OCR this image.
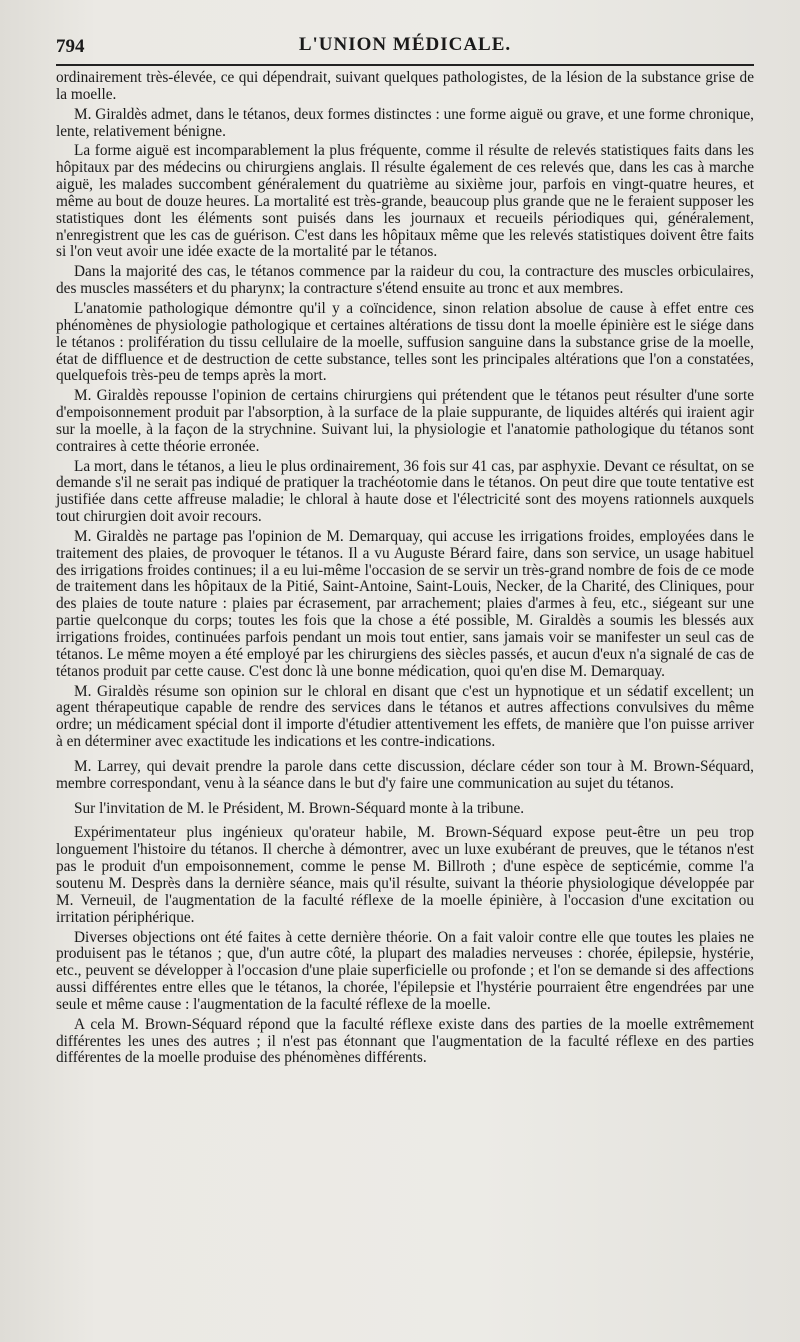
794	L'UNION MÉDICALE.

ordinairement très-élevée, ce qui dépendrait, suivant quelques pathologistes, de la lésion de la substance grise de la moelle.

M. Giraldès admet, dans le tétanos, deux formes distinctes : une forme aiguë ou grave, et une forme chronique, lente, relativement bénigne.

La forme aiguë est incomparablement la plus fréquente, comme il résulte de relevés statistiques faits dans les hôpitaux par des médecins ou chirurgiens anglais. Il résulte également de ces relevés que, dans les cas à marche aiguë, les malades succombent généralement du quatrième au sixième jour, parfois en vingt-quatre heures, et même au bout de douze heures. La mortalité est très-grande, beaucoup plus grande que ne le feraient supposer les statistiques dont les éléments sont puisés dans les journaux et recueils périodiques qui, généralement, n'enregistrent que les cas de guérison. C'est dans les hôpitaux même que les relevés statistiques doivent être faits si l'on veut avoir une idée exacte de la mortalité par le tétanos.

Dans la majorité des cas, le tétanos commence par la raideur du cou, la contracture des muscles orbiculaires, des muscles masséters et du pharynx; la contracture s'étend ensuite au tronc et aux membres.

L'anatomie pathologique démontre qu'il y a coïncidence, sinon relation absolue de cause à effet entre ces phénomènes de physiologie pathologique et certaines altérations de tissu dont la moelle épinière est le siége dans le tétanos : prolifération du tissu cellulaire de la moelle, suffusion sanguine dans la substance grise de la moelle, état de diffluence et de destruction de cette substance, telles sont les principales altérations que l'on a constatées, quelquefois très-peu de temps après la mort.

M. Giraldès repousse l'opinion de certains chirurgiens qui prétendent que le tétanos peut résulter d'une sorte d'empoisonnement produit par l'absorption, à la surface de la plaie suppurante, de liquides altérés qui iraient agir sur la moelle, à la façon de la strychnine. Suivant lui, la physiologie et l'anatomie pathologique du tétanos sont contraires à cette théorie erronée.

La mort, dans le tétanos, a lieu le plus ordinairement, 36 fois sur 41 cas, par asphyxie. Devant ce résultat, on se demande s'il ne serait pas indiqué de pratiquer la trachéotomie dans le tétanos. On peut dire que toute tentative est justifiée dans cette affreuse maladie; le chloral à haute dose et l'électricité sont des moyens rationnels auxquels tout chirurgien doit avoir recours.

M. Giraldès ne partage pas l'opinion de M. Demarquay, qui accuse les irrigations froides, employées dans le traitement des plaies, de provoquer le tétanos. Il a vu Auguste Bérard faire, dans son service, un usage habituel des irrigations froides continues; il a eu lui-même l'occasion de se servir un très-grand nombre de fois de ce mode de traitement dans les hôpitaux de la Pitié, Saint-Antoine, Saint-Louis, Necker, de la Charité, des Cliniques, pour des plaies de toute nature : plaies par écrasement, par arrachement; plaies d'armes à feu, etc., siégeant sur une partie quelconque du corps; toutes les fois que la chose a été possible, M. Giraldès a soumis les blessés aux irrigations froides, continuées parfois pendant un mois tout entier, sans jamais voir se manifester un seul cas de tétanos. Le même moyen a été employé par les chirurgiens des siècles passés, et aucun d'eux n'a signalé de cas de tétanos produit par cette cause. C'est donc là une bonne médication, quoi qu'en dise M. Demarquay.

M. Giraldès résume son opinion sur le chloral en disant que c'est un hypnotique et un sédatif excellent; un agent thérapeutique capable de rendre des services dans le tétanos et autres affections convulsives du même ordre; un médicament spécial dont il importe d'étudier attentivement les effets, de manière que l'on puisse arriver à en déterminer avec exactitude les indications et les contre-indications.

M. Larrey, qui devait prendre la parole dans cette discussion, déclare céder son tour à M. Brown-Séquard, membre correspondant, venu à la séance dans le but d'y faire une communication au sujet du tétanos.

Sur l'invitation de M. le Président, M. Brown-Séquard monte à la tribune.

Expérimentateur plus ingénieux qu'orateur habile, M. Brown-Séquard expose peut-être un peu trop longuement l'histoire du tétanos. Il cherche à démontrer, avec un luxe exubérant de preuves, que le tétanos n'est pas le produit d'un empoisonnement, comme le pense M. Billroth ; d'une espèce de septicémie, comme l'a soutenu M. Desprès dans la dernière séance, mais qu'il résulte, suivant la théorie physiologique développée par M. Verneuil, de l'augmentation de la faculté réflexe de la moelle épinière, à l'occasion d'une excitation ou irritation périphérique.

Diverses objections ont été faites à cette dernière théorie. On a fait valoir contre elle que toutes les plaies ne produisent pas le tétanos ; que, d'un autre côté, la plupart des maladies nerveuses : chorée, épilepsie, hystérie, etc., peuvent se développer à l'occasion d'une plaie superficielle ou profonde ; et l'on se demande si des affections aussi différentes entre elles que le tétanos, la chorée, l'épilepsie et l'hystérie pourraient être engendrées par une seule et même cause : l'augmentation de la faculté réflexe de la moelle.

A cela M. Brown-Séquard répond que la faculté réflexe existe dans des parties de la moelle extrêmement différentes les unes des autres ; il n'est pas étonnant que l'augmentation de la faculté réflexe en des parties différentes de la moelle produise des phénomènes différents.
